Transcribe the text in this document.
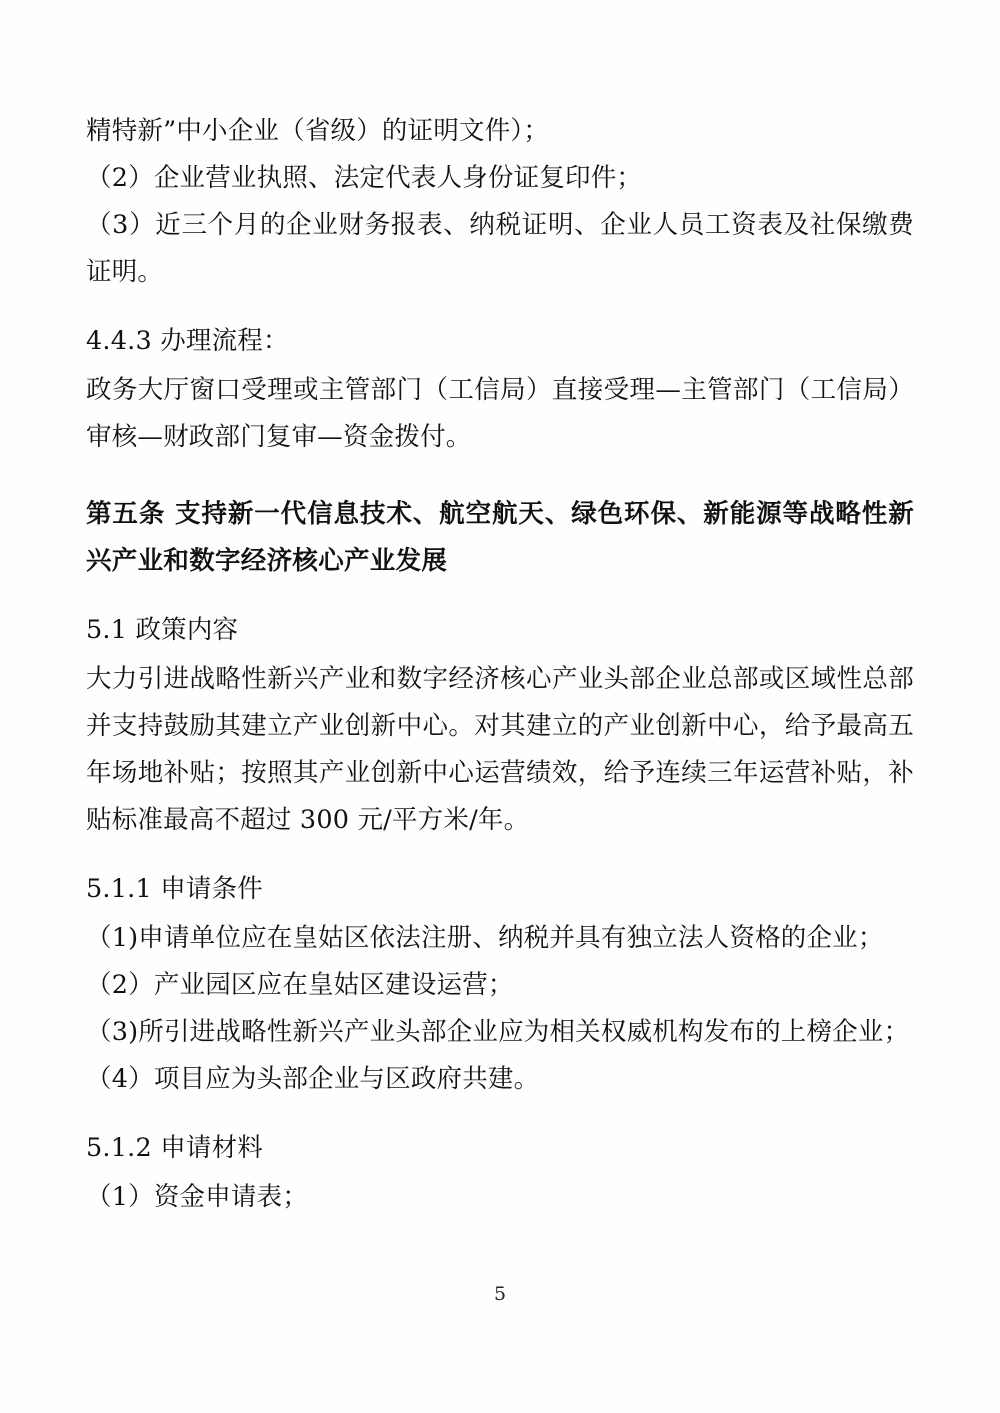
精特新”中小企业（省级）的证明文件）；

（2）企业营业执照、法定代表人身份证复印件；

（3）近三个月的企业财务报表、纳税证明、企业人员工资表及社保缴费证明。

4.4.3 办理流程：

政务大厅窗口受理或主管部门（工信局）直接受理—主管部门（工信局）审核—财政部门复审—资金拨付。

第五条 支持新一代信息技术、航空航天、绿色环保、新能源等战略性新兴产业和数字经济核心产业发展

5.1 政策内容

大力引进战略性新兴产业和数字经济核心产业头部企业总部或区域性总部并支持鼓励其建立产业创新中心。对其建立的产业创新中心，给予最高五年场地补贴；按照其产业创新中心运营绩效，给予连续三年运营补贴，补贴标准最高不超过 300 元/平方米/年。

5.1.1 申请条件

（1)申请单位应在皇姑区依法注册、纳税并具有独立法人资格的企业；

（2）产业园区应在皇姑区建设运营；

（3)所引进战略性新兴产业头部企业应为相关权威机构发布的上榜企业；

（4）项目应为头部企业与区政府共建。

5.1.2 申请材料

（1）资金申请表；

5
